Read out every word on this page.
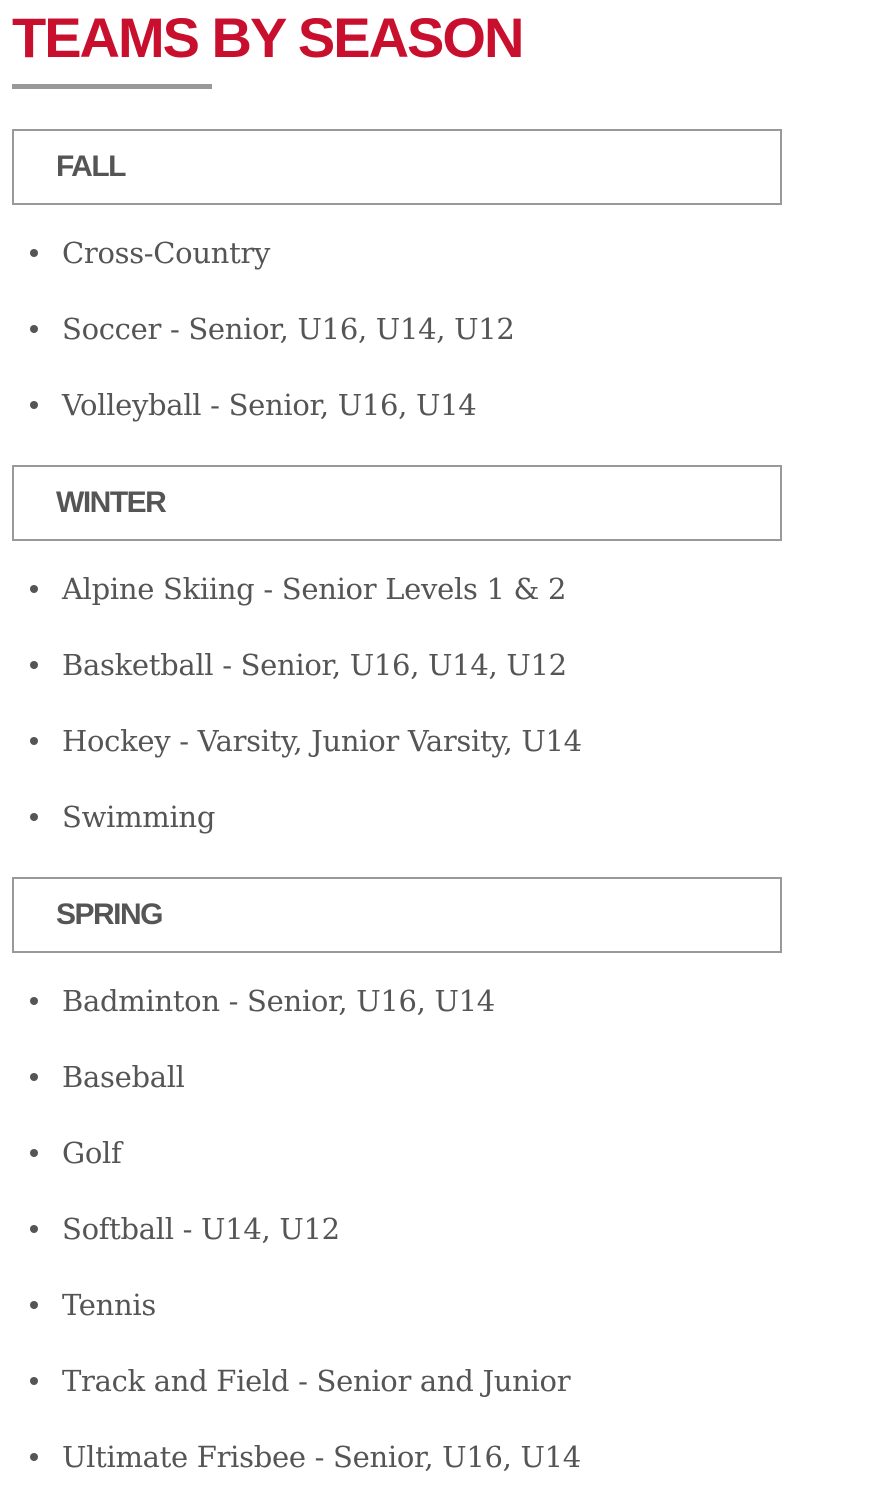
TEAMS BY SEASON
FALL
Cross-Country
Soccer - Senior, U16, U14, U12
Volleyball - Senior, U16, U14
WINTER
Alpine Skiing - Senior Levels 1 & 2
Basketball - Senior, U16, U14, U12
Hockey - Varsity, Junior Varsity, U14
Swimming
SPRING
Badminton - Senior, U16, U14
Baseball
Golf
Softball - U14, U12
Tennis
Track and Field - Senior and Junior
Ultimate Frisbee - Senior, U16, U14
